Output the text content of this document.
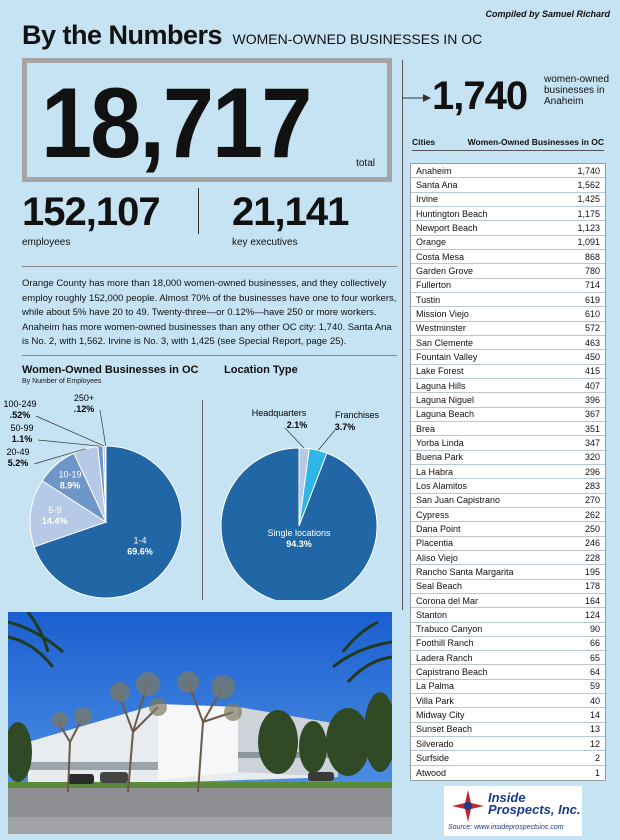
Compiled by Samuel Richard
By the Numbers WOMEN-OWNED BUSINESSES IN OC
18,717	total
152,107
employees
21,141
key executives
Orange County has more than 18,000 women-owned businesses, and they collectively employ roughly 152,000 people. Almost 70% of the businesses have one to four workers, while about 5% have 20 to 49. Twenty-three—or 0.12%—have 250 or more workers. Anaheim has more women-owned businesses than any other OC city: 1,740. Santa Ana is No. 2, with 1,562. Irvine is No. 3, with 1,425 (see Special Report, page 25).
Women-Owned Businesses in OC
By Number of Employees
Location Type
1-4
69.6%
5-9
14.4%
10-19
8.9%
20-49
5.2%
50-99
1.1%
100-249
.52%
250+
.12%
Single locations
94.3%
Headquarters
2.1%
Franchises
3.7%
1,740 women-owned businesses in Anaheim
Cities	Women-Owned Businesses in OC
Anaheim	1,740
Santa Ana	1,562
Irvine	1,425
Huntington Beach	1,175
Newport Beach	1,123
Orange	1,091
Costa Mesa	868
Garden Grove	780
Fullerton	714
Tustin	619
Mission Viejo	610
Westminster	572
San Clemente	463
Fountain Valley	450
Lake Forest	415
Laguna Hills	407
Laguna Niguel	396
Laguna Beach	367
Brea	351
Yorba Linda	347
Buena Park	320
La Habra	296
Los Alamitos	283
San Juan Capistrano	270
Cypress	262
Dana Point	250
Placentia	246
Aliso Viejo	228
Rancho Santa Margarita	195
Seal Beach	178
Corona del Mar	164
Stanton	124
Trabuco Canyon	90
Foothill Ranch	66
Ladera Ranch	65
Capistrano Beach	64
La Palma	59
Villa Park	40
Midway City	14
Sunset Beach	13
Silverado	12
Surfside	2
Atwood	1
Inside
Prospects, Inc.
Source: www.insideprospectsinc.com
